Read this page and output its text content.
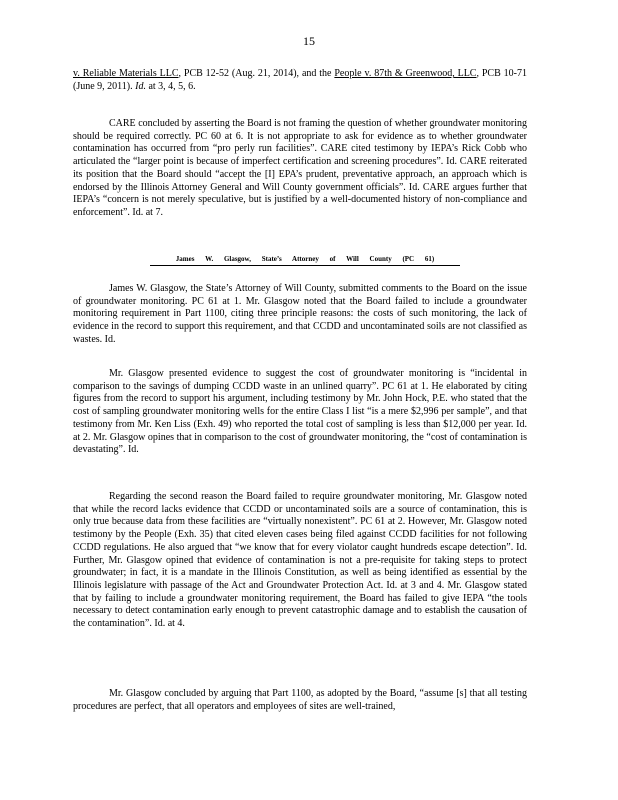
15

v. Reliable Materials LLC, PCB 12-52 (Aug. 21, 2014), and the People v. 87th & Greenwood, LLC, PCB 10-71 (June 9, 2011). Id. at 3, 4, 5, 6.

CARE concluded by asserting the Board is not framing the question of whether groundwater monitoring should be required correctly. PC 60 at 6. It is not appropriate to ask for evidence as to whether groundwater contamination has occurred from “pro perly run facilities”. CARE cited testimony by IEPA’s Rick Cobb who articulated the “larger point is because of imperfect certification and screening procedures”. Id. CARE reiterated its position that the Board should “accept the [I] EPA’s prudent, preventative approach, an approach which is endorsed by the Illinois Attorney General and Will County government officials”. Id. CARE argues further that IEPA’s “concern is not merely speculative, but is justified by a well-documented history of non-compliance and enforcement”. Id. at 7.

James W. Glasgow, State’s Attorney of Will County (PC 61)

James W. Glasgow, the State’s Attorney of Will County, submitted comments to the Board on the issue of groundwater monitoring. PC 61 at 1. Mr. Glasgow noted that the Board failed to include a groundwater monitoring requirement in Part 1100, citing three principle reasons: the costs of such monitoring, the lack of evidence in the record to support this requirement, and that CCDD and uncontaminated soils are not classified as wastes. Id.

Mr. Glasgow presented evidence to suggest the cost of groundwater monitoring is “incidental in comparison to the savings of dumping CCDD waste in an unlined quarry”. PC 61 at 1. He elaborated by citing figures from the record to support his argument, including testimony by Mr. John Hock, P.E. who stated that the cost of sampling groundwater monitoring wells for the entire Class I list “is a mere $2,996 per sample”, and that testimony from Mr. Ken Liss (Exh. 49) who reported the total cost of sampling is less than $12,000 per year. Id. at 2. Mr. Glasgow opines that in comparison to the cost of groundwater monitoring, the “cost of contamination is devastating”. Id.

Regarding the second reason the Board failed to require groundwater monitoring, Mr. Glasgow noted that while the record lacks evidence that CCDD or uncontaminated soils are a source of contamination, this is only true because data from these facilities are “virtually nonexistent”. PC 61 at 2. However, Mr. Glasgow noted testimony by the People (Exh. 35) that cited eleven cases being filed against CCDD facilities for not following CCDD regulations. He also argued that “we know that for every violator caught hundreds escape detection”. Id. Further, Mr. Glasgow opined that evidence of contamination is not a pre-requisite for taking steps to protect groundwater; in fact, it is a mandate in the Illinois Constitution, as well as being identified as essential by the Illinois legislature with passage of the Act and Groundwater Protection Act. Id. at 3 and 4. Mr. Glasgow stated that by failing to include a groundwater monitoring requirement, the Board has failed to give IEPA “the tools necessary to detect contamination early enough to prevent catastrophic damage and to establish the causation of the contamination”. Id. at 4.

Mr. Glasgow concluded by arguing that Part 1100, as adopted by the Board, “assume [s] that all testing procedures are perfect, that all operators and employees of sites are well-trained,
